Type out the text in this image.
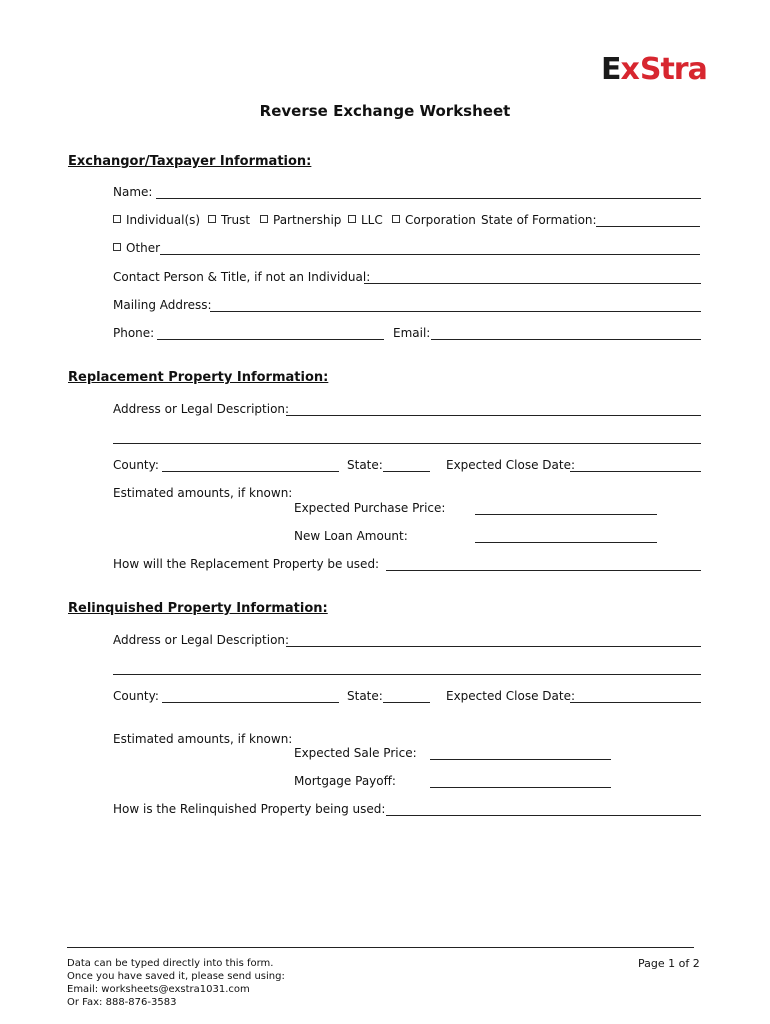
ExStra
Reverse Exchange Worksheet
Exchangor/Taxpayer Information:
Name:
Individual(s)	Trust	Partnership	LLC	Corporation State of Formation:
Other
Contact Person & Title, if not an Individual:
Mailing Address:
Phone:	Email:
Replacement Property Information:
Address or Legal Description:
County:	State:	Expected Close Date:
Estimated amounts, if known:
Expected Purchase Price:
New Loan Amount:
How will the Replacement Property be used:
Relinquished Property Information:
Address or Legal Description:
County:	State:	Expected Close Date:
Estimated amounts, if known:
Expected Sale Price:
Mortgage Payoff:
How is the Relinquished Property being used:
Data can be typed directly into this form.
Once you have saved it, please send using:
Email: worksheets@exstra1031.com
Or Fax: 888-876-3583
Page 1 of 2
